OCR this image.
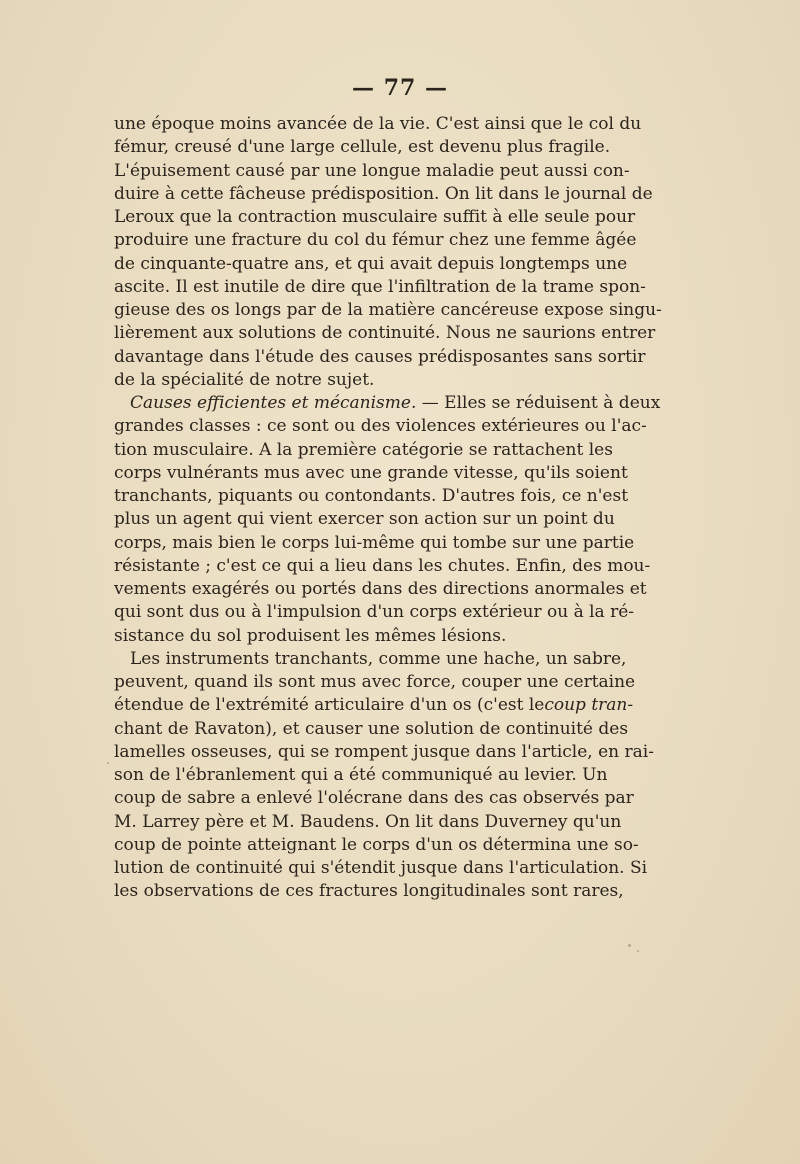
— 77 —
une époque moins avancée de la vie. C'est ainsi que le col du
fémur, creusé d'une large cellule, est devenu plus fragile.
L'épuisement causé par une longue maladie peut aussi con-
duire à cette fâcheuse prédisposition. On lit dans le journal de
Leroux que la contraction musculaire suffit à elle seule pour
produire une fracture du col du fémur chez une femme âgée
de cinquante-quatre ans, et qui avait depuis longtemps une
ascite. Il est inutile de dire que l'infiltration de la trame spon-
gieuse des os longs par de la matière cancéreuse expose singu-
lièrement aux solutions de continuité. Nous ne saurions entrer
davantage dans l'étude des causes prédisposantes sans sortir
de la spécialité de notre sujet.
Causes efficientes et mécanisme. — Elles se réduisent à deux
grandes classes : ce sont ou des violences extérieures ou l'ac-
tion musculaire. A la première catégorie se rattachent les
corps vulnérants mus avec une grande vitesse, qu'ils soient
tranchants, piquants ou contondants. D'autres fois, ce n'est
plus un agent qui vient exercer son action sur un point du
corps, mais bien le corps lui-même qui tombe sur une partie
résistante ; c'est ce qui a lieu dans les chutes. Enfin, des mou-
vements exagérés ou portés dans des directions anormales et
qui sont dus ou à l'impulsion d'un corps extérieur ou à la ré-
sistance du sol produisent les mêmes lésions.
Les instruments tranchants, comme une hache, un sabre,
peuvent, quand ils sont mus avec force, couper une certaine
étendue de l'extrémité articulaire d'un os (c'est le coup tran-
chant de Ravaton), et causer une solution de continuité des
lamelles osseuses, qui se rompent jusque dans l'article, en rai-
son de l'ébranlement qui a été communiqué au levier. Un
coup de sabre a enlevé l'olécrane dans des cas observés par
M. Larrey père et M. Baudens. On lit dans Duverney qu'un
coup de pointe atteignant le corps d'un os détermina une so-
lution de continuité qui s'étendit jusque dans l'articulation. Si
les observations de ces fractures longitudinales sont rares,
